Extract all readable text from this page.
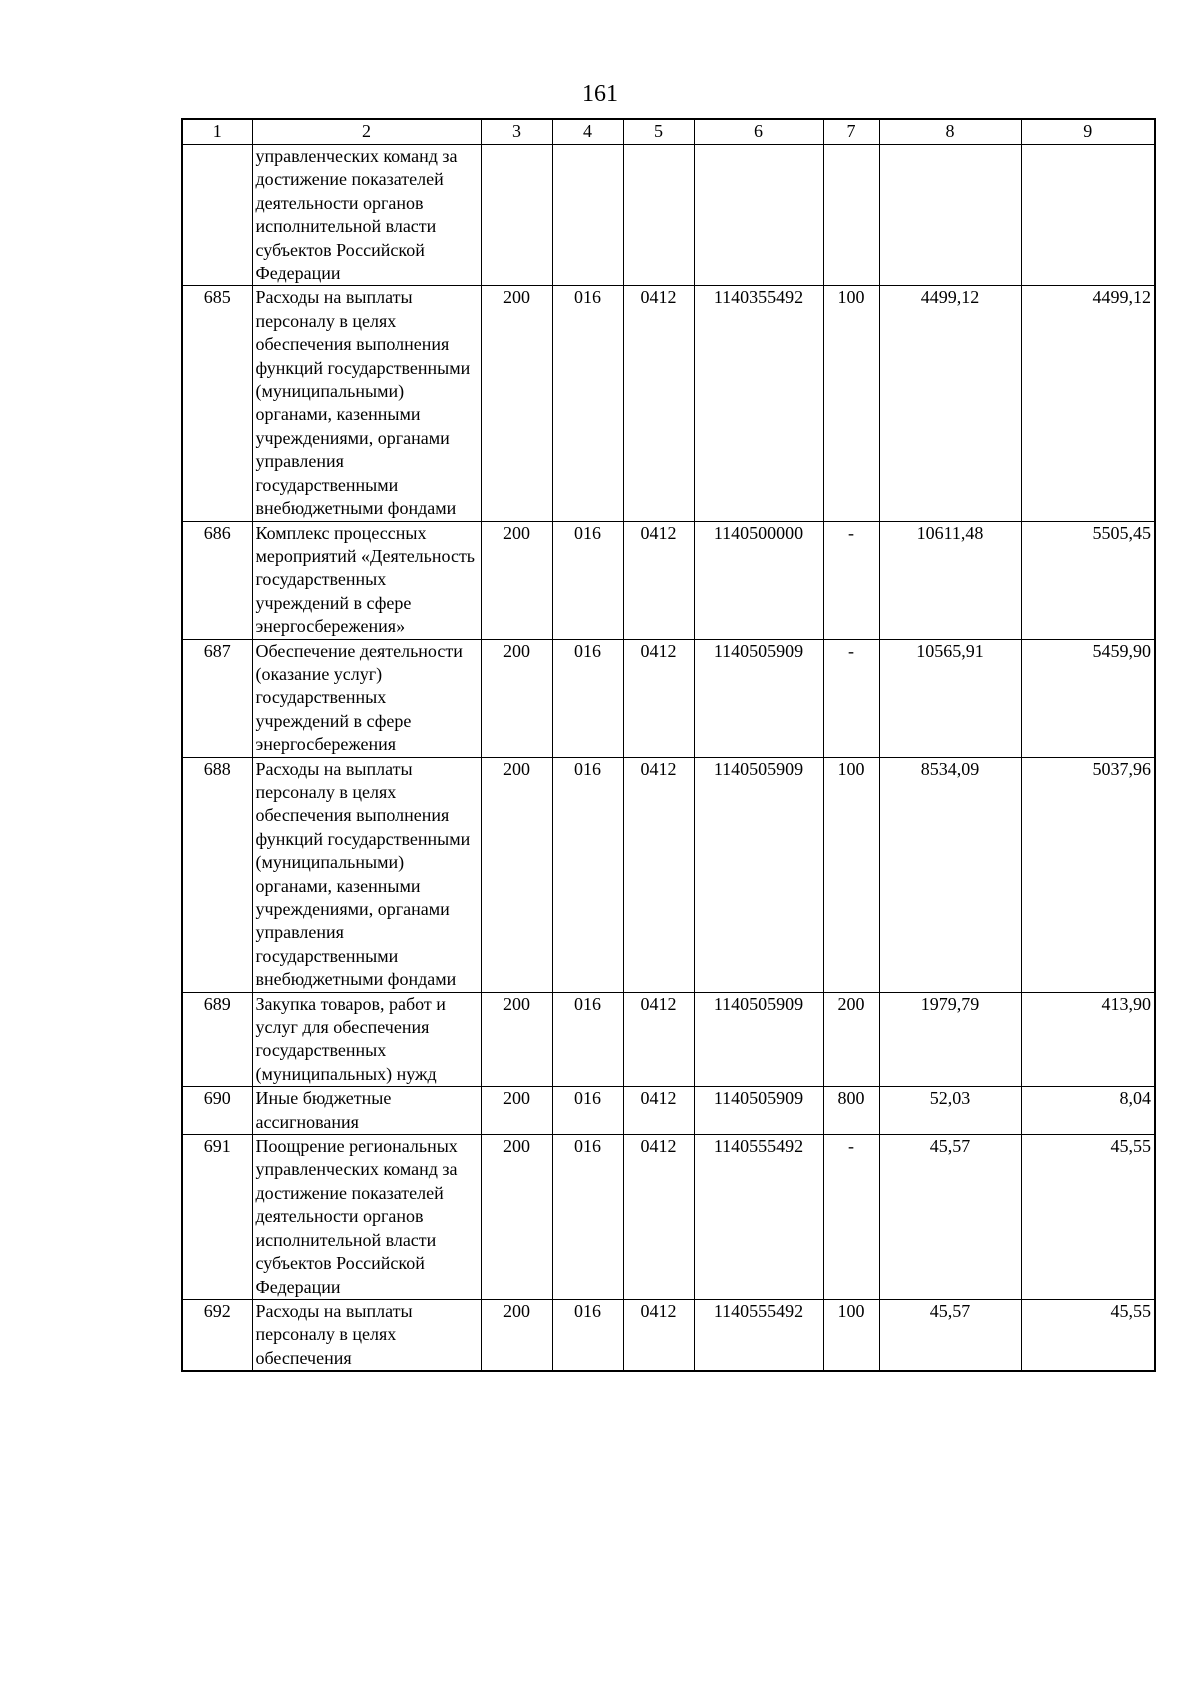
161
1	2	3	4	5	6	7	8	9
	управленческих команд за достижение показателей деятельности органов исполнительной власти субъектов Российской Федерации							
685	Расходы на выплаты персоналу в целях обеспечения выполнения функций государственными (муниципальными) органами, казенными учреждениями, органами управления государственными внебюджетными фондами	200	016	0412	1140355492	100	4499,12	4499,12
686	Комплекс процессных мероприятий «Деятельность государственных учреждений в сфере энергосбережения»	200	016	0412	1140500000	-	10611,48	5505,45
687	Обеспечение деятельности (оказание услуг) государственных учреждений в сфере энергосбережения	200	016	0412	1140505909	-	10565,91	5459,90
688	Расходы на выплаты персоналу в целях обеспечения выполнения функций государственными (муниципальными) органами, казенными учреждениями, органами управления государственными внебюджетными фондами	200	016	0412	1140505909	100	8534,09	5037,96
689	Закупка товаров, работ и услуг для обеспечения государственных (муниципальных) нужд	200	016	0412	1140505909	200	1979,79	413,90
690	Иные бюджетные ассигнования	200	016	0412	1140505909	800	52,03	8,04
691	Поощрение региональных управленческих команд за достижение показателей деятельности органов исполнительной власти субъектов Российской Федерации	200	016	0412	1140555492	-	45,57	45,55
692	Расходы на выплаты персоналу в целях обеспечения	200	016	0412	1140555492	100	45,57	45,55
